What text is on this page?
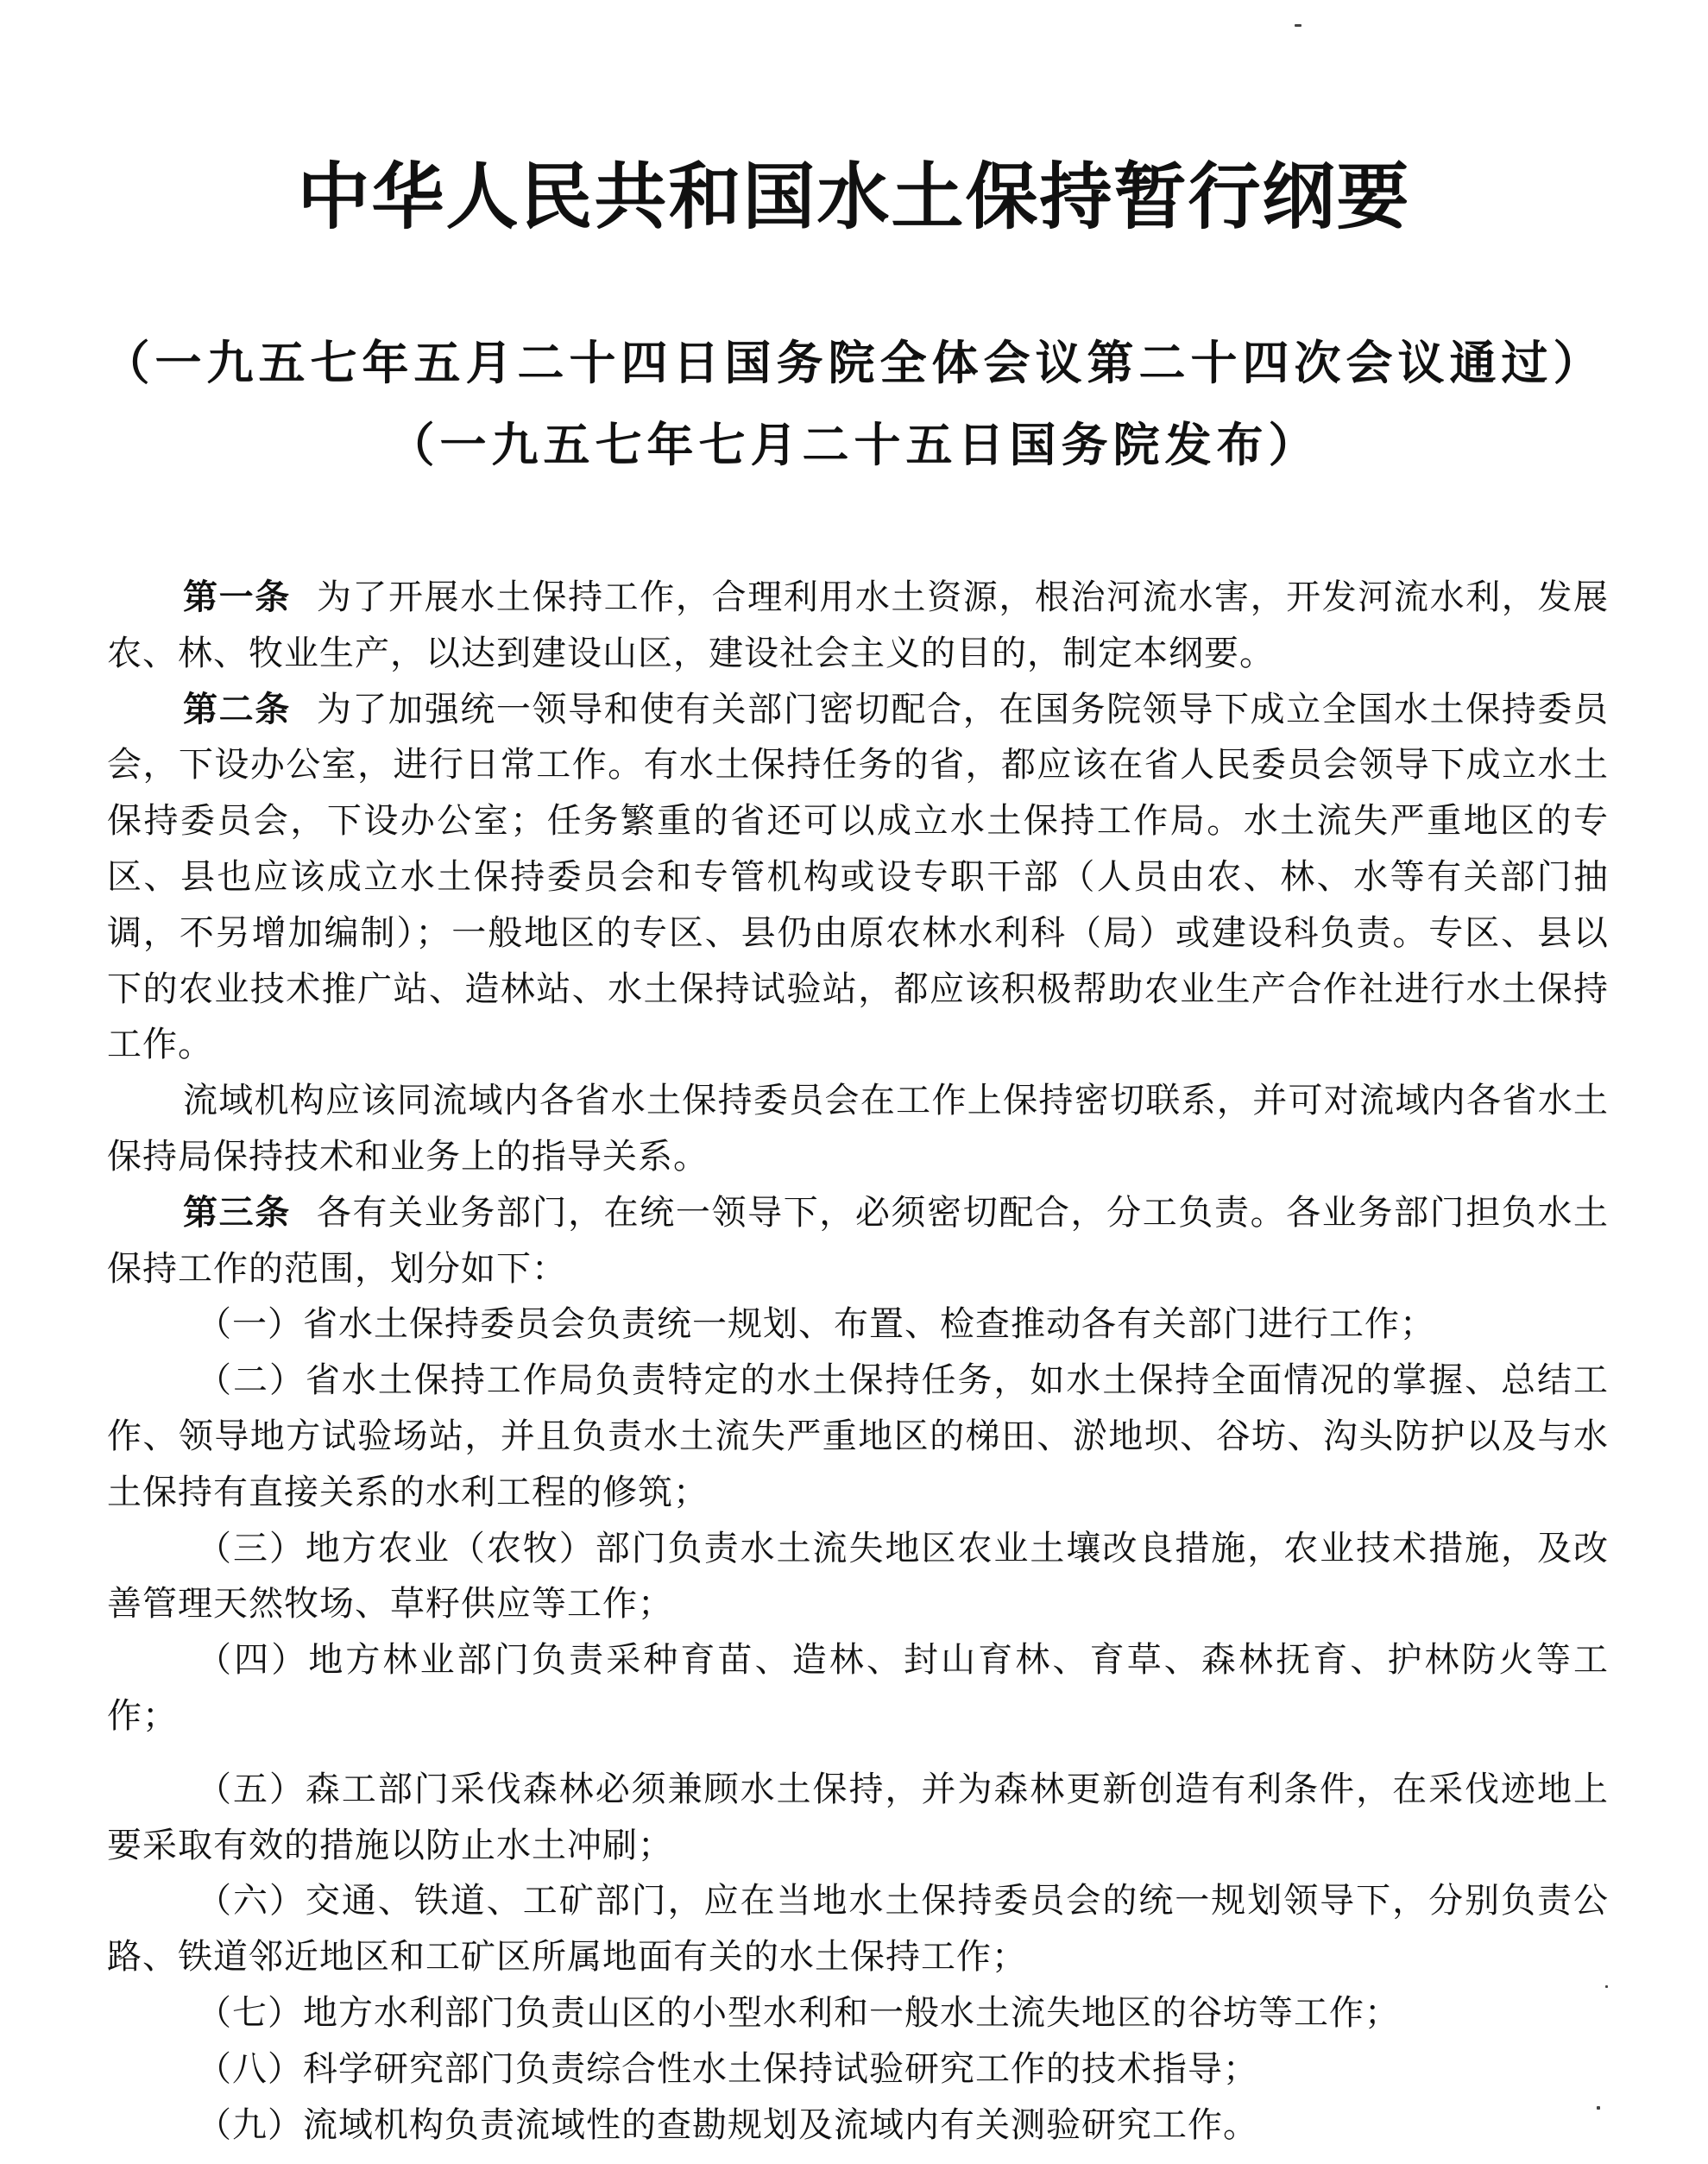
中华人民共和国水土保持暂行纲要

（一九五七年五月二十四日国务院全体会议第二十四次会议通过）

（一九五七年七月二十五日国务院发布）

第一条 为了开展水土保持工作，合理利用水土资源，根治河流水害，开发河流水利，发展农、林、牧业生产，以达到建设山区，建设社会主义的目的，制定本纲要。

第二条 为了加强统一领导和使有关部门密切配合，在国务院领导下成立全国水土保持委员会，下设办公室，进行日常工作。有水土保持任务的省，都应该在省人民委员会领导下成立水土保持委员会，下设办公室；任务繁重的省还可以成立水土保持工作局。水土流失严重地区的专区、县也应该成立水土保持委员会和专管机构或设专职干部（人员由农、林、水等有关部门抽调，不另增加编制）；一般地区的专区、县仍由原农林水利科（局）或建设科负责。专区、县以下的农业技术推广站、造林站、水土保持试验站，都应该积极帮助农业生产合作社进行水土保持工作。

流域机构应该同流域内各省水土保持委员会在工作上保持密切联系，并可对流域内各省水土保持局保持技术和业务上的指导关系。

第三条 各有关业务部门，在统一领导下，必须密切配合，分工负责。各业务部门担负水土保持工作的范围，划分如下：

（一）省水土保持委员会负责统一规划、布置、检查推动各有关部门进行工作；

（二）省水土保持工作局负责特定的水土保持任务，如水土保持全面情况的掌握、总结工作、领导地方试验场站，并且负责水土流失严重地区的梯田、淤地坝、谷坊、沟头防护以及与水土保持有直接关系的水利工程的修筑；

（三）地方农业（农牧）部门负责水土流失地区农业土壤改良措施，农业技术措施，及改善管理天然牧场、草籽供应等工作；

（四）地方林业部门负责采种育苗、造林、封山育林、育草、森林抚育、护林防火等工作；

（五）森工部门采伐森林必须兼顾水土保持，并为森林更新创造有利条件，在采伐迹地上要采取有效的措施以防止水土冲刷；

（六）交通、铁道、工矿部门，应在当地水土保持委员会的统一规划领导下，分别负责公路、铁道邻近地区和工矿区所属地面有关的水土保持工作；

（七）地方水利部门负责山区的小型水利和一般水土流失地区的谷坊等工作；

（八）科学研究部门负责综合性水土保持试验研究工作的技术指导；

（九）流域机构负责流域性的查勘规划及流域内有关测验研究工作。
